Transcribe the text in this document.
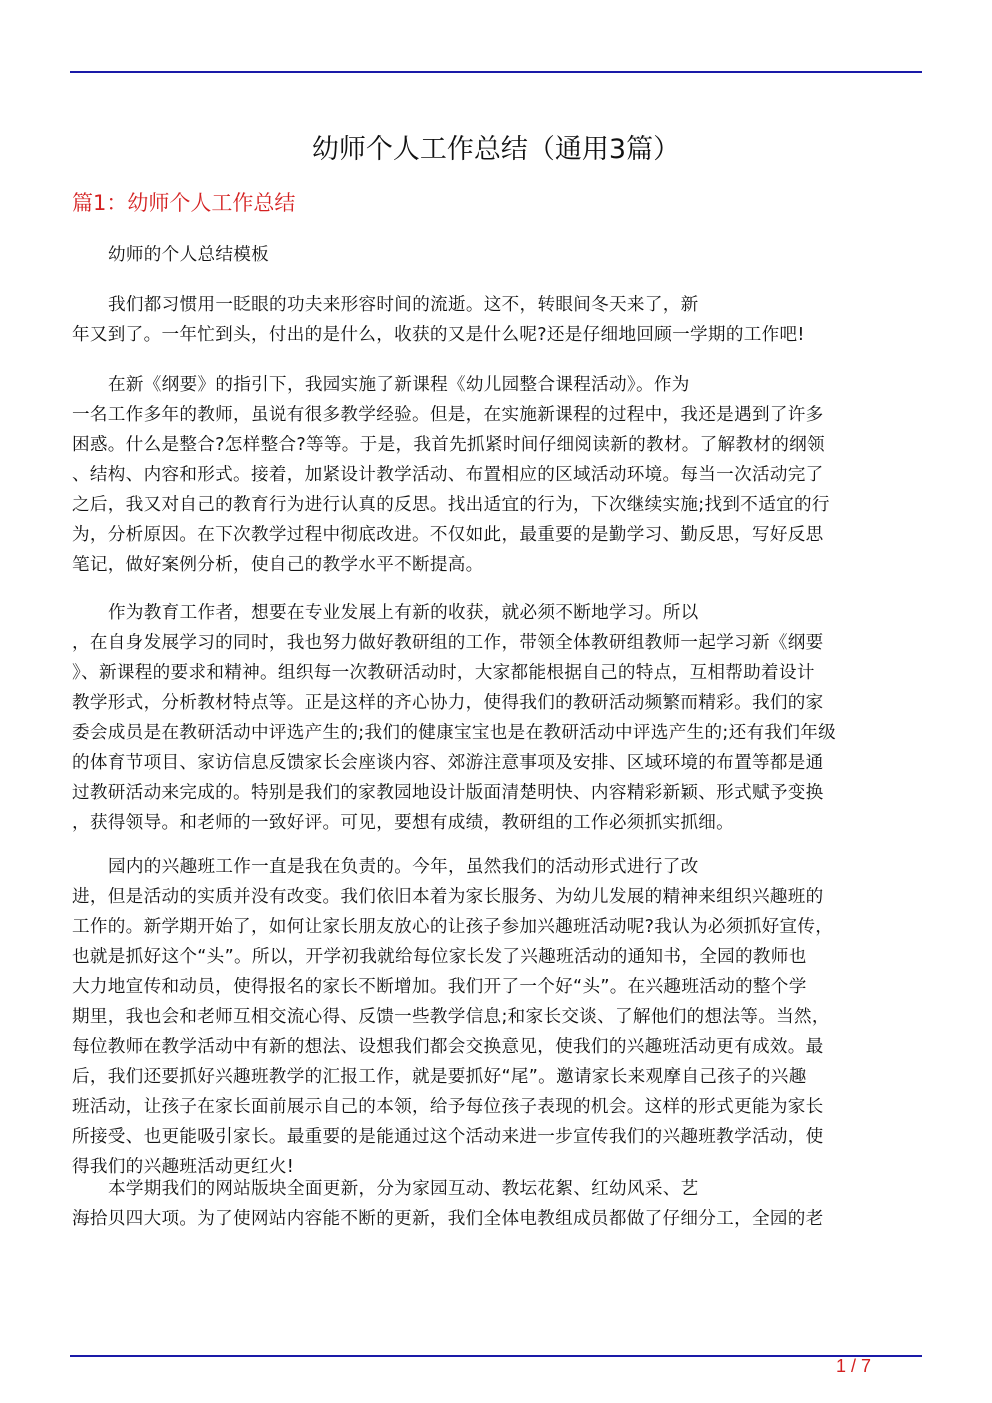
幼师个人工作总结（通用3篇）
篇1：幼师个人工作总结
幼师的个人总结模板
我们都习惯用一眨眼的功夫来形容时间的流逝。这不，转眼间冬天来了，新
年又到了。一年忙到头，付出的是什么，收获的又是什么呢?还是仔细地回顾一学期的工作吧!
在新《纲要》的指引下，我园实施了新课程《幼儿园整合课程活动》。作为
一名工作多年的教师，虽说有很多教学经验。但是，在实施新课程的过程中，我还是遇到了许多
困惑。什么是整合?怎样整合?等等。于是，我首先抓紧时间仔细阅读新的教材。了解教材的纲领
、结构、内容和形式。接着，加紧设计教学活动、布置相应的区域活动环境。每当一次活动完了
之后，我又对自己的教育行为进行认真的反思。找出适宜的行为，下次继续实施;找到不适宜的行
为，分析原因。在下次教学过程中彻底改进。不仅如此，最重要的是勤学习、勤反思，写好反思
笔记，做好案例分析，使自己的教学水平不断提高。
作为教育工作者，想要在专业发展上有新的收获，就必须不断地学习。所以
，在自身发展学习的同时，我也努力做好教研组的工作，带领全体教研组教师一起学习新《纲要
》、新课程的要求和精神。组织每一次教研活动时，大家都能根据自己的特点，互相帮助着设计
教学形式，分析教材特点等。正是这样的齐心协力，使得我们的教研活动频繁而精彩。我们的家
委会成员是在教研活动中评选产生的;我们的健康宝宝也是在教研活动中评选产生的;还有我们年级
的体育节项目、家访信息反馈家长会座谈内容、郊游注意事项及安排、区域环境的布置等都是通
过教研活动来完成的。特别是我们的家教园地设计版面清楚明快、内容精彩新颖、形式赋予变换
，获得领导。和老师的一致好评。可见，要想有成绩，教研组的工作必须抓实抓细。
园内的兴趣班工作一直是我在负责的。今年，虽然我们的活动形式进行了改
进，但是活动的实质并没有改变。我们依旧本着为家长服务、为幼儿发展的精神来组织兴趣班的
工作的。新学期开始了，如何让家长朋友放心的让孩子参加兴趣班活动呢?我认为必须抓好宣传，
也就是抓好这个“头”。所以，开学初我就给每位家长发了兴趣班活动的通知书，全园的教师也
大力地宣传和动员，使得报名的家长不断增加。我们开了一个好“头”。在兴趣班活动的整个学
期里，我也会和老师互相交流心得、反馈一些教学信息;和家长交谈、了解他们的想法等。当然，
每位教师在教学活动中有新的想法、设想我们都会交换意见，使我们的兴趣班活动更有成效。最
后，我们还要抓好兴趣班教学的汇报工作，就是要抓好“尾”。邀请家长来观摩自己孩子的兴趣
班活动，让孩子在家长面前展示自己的本领，给予每位孩子表现的机会。这样的形式更能为家长
所接受、也更能吸引家长。最重要的是能通过这个活动来进一步宣传我们的兴趣班教学活动，使
得我们的兴趣班活动更红火!
本学期我们的网站版块全面更新，分为家园互动、教坛花絮、红幼风采、艺
海拾贝四大项。为了使网站内容能不断的更新，我们全体电教组成员都做了仔细分工，全园的老
1 / 7
